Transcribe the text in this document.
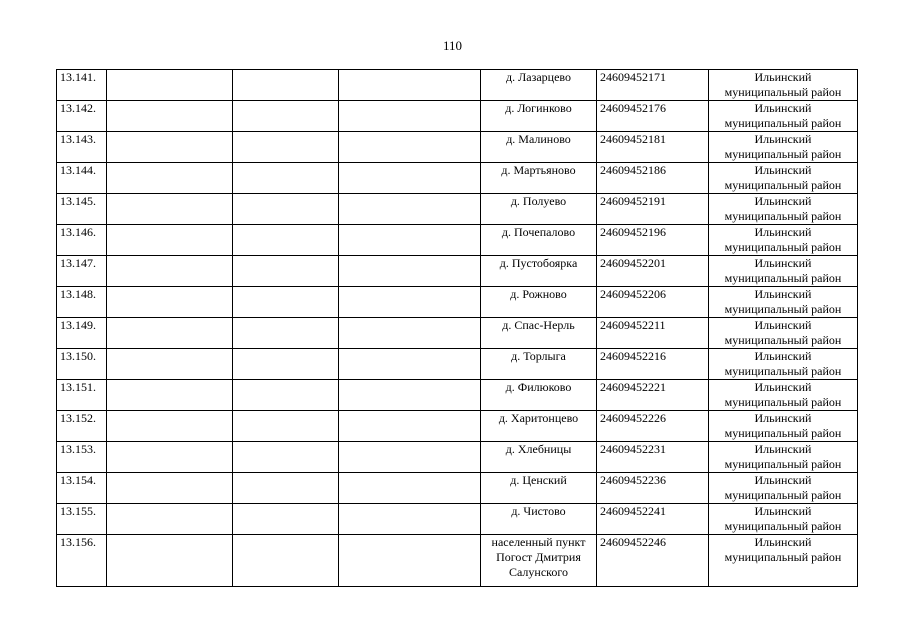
110
13.141.				д. Лазарцево	24609452171	Ильинский муниципальный район
13.142.				д. Логинково	24609452176	Ильинский муниципальный район
13.143.				д. Малиново	24609452181	Ильинский муниципальный район
13.144.				д. Мартьяново	24609452186	Ильинский муниципальный район
13.145.				д. Полуево	24609452191	Ильинский муниципальный район
13.146.				д. Почепалово	24609452196	Ильинский муниципальный район
13.147.				д. Пустобоярка	24609452201	Ильинский муниципальный район
13.148.				д. Рожново	24609452206	Ильинский муниципальный район
13.149.				д. Спас-Нерль	24609452211	Ильинский муниципальный район
13.150.				д. Торлыга	24609452216	Ильинский муниципальный район
13.151.				д. Филюково	24609452221	Ильинский муниципальный район
13.152.				д. Харитонцево	24609452226	Ильинский муниципальный район
13.153.				д. Хлебницы	24609452231	Ильинский муниципальный район
13.154.				д. Ценский	24609452236	Ильинский муниципальный район
13.155.				д. Чистово	24609452241	Ильинский муниципальный район
13.156.				населенный пункт Погост Дмитрия Салунского	24609452246	Ильинский муниципальный район
